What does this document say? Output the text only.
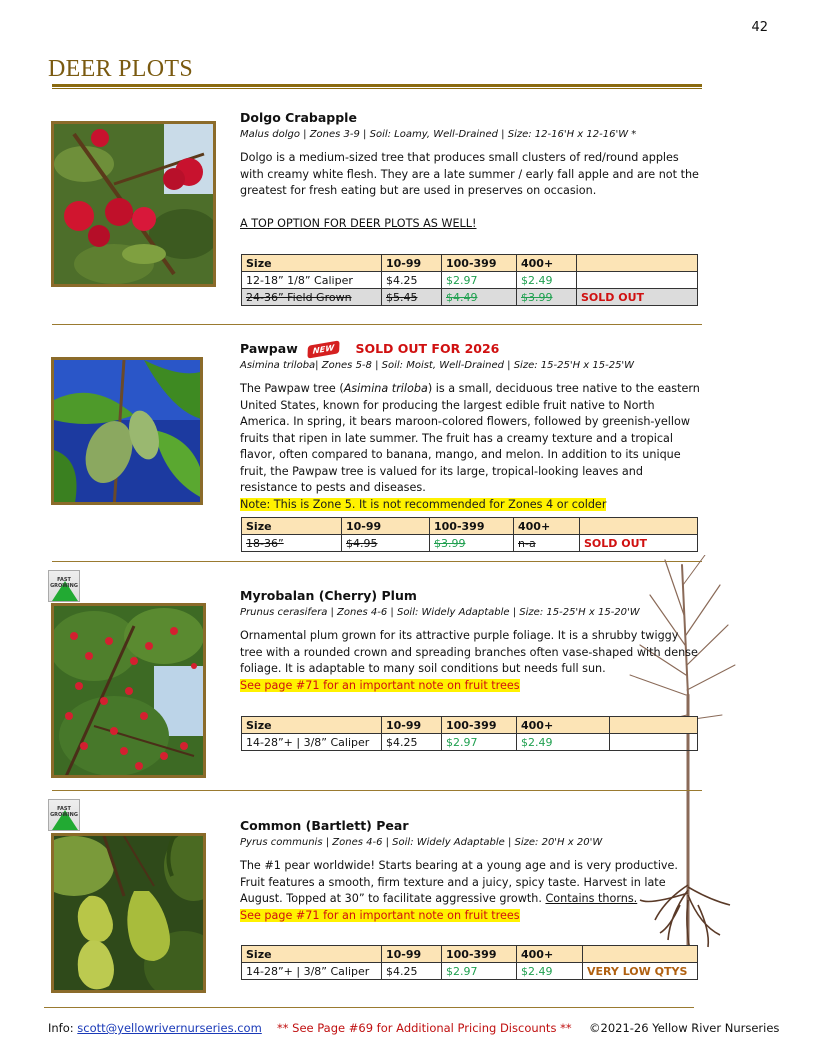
42
DEER PLOTS
Dolgo Crabapple
Malus dolgo | Zones 3-9 | Soil: Loamy, Well-Drained | Size: 12-16'H x 12-16'W *
Dolgo is a medium-sized tree that produces small clusters of red/round apples with creamy white flesh. They are a late summer / early fall apple and are not the greatest for fresh eating but are used in preserves on occasion.
A TOP OPTION FOR DEER PLOTS AS WELL!
Size	10-99	100-399	400+	
12-18” 1/8” Caliper	$4.25	$2.97	$2.49	
24-36” Field Grown	$5.45	$4.49	$3.99	SOLD OUT
Pawpaw NEW SOLD OUT FOR 2026
Asimina triloba| Zones 5-8 | Soil: Moist, Well-Drained | Size: 15-25'H x 15-25'W
The Pawpaw tree (Asimina triloba) is a small, deciduous tree native to the eastern United States, known for producing the largest edible fruit native to North America. In spring, it bears maroon-colored flowers, followed by greenish-yellow fruits that ripen in late summer. The fruit has a creamy texture and a tropical flavor, often compared to banana, mango, and melon. In addition to its unique fruit, the Pawpaw tree is valued for its large, tropical-looking leaves and resistance to pests and diseases.
Note: This is Zone 5. It is not recommended for Zones 4 or colder
Size	10-99	100-399	400+	
18-36”	$4.95	$3.99	n-a	SOLD OUT
FAST GROWING
Myrobalan (Cherry) Plum
Prunus cerasifera | Zones 4-6 | Soil: Widely Adaptable | Size: 15-25'H x 15-20'W
Ornamental plum grown for its attractive purple foliage. It is a shrubby twiggy tree with a rounded crown and spreading branches often vase-shaped with dense foliage. It is adaptable to many soil conditions but needs full sun.
See page #71 for an important note on fruit trees
Size	10-99	100-399	400+	
14-28”+ | 3/8” Caliper	$4.25	$2.97	$2.49	
FAST GROWING
Common (Bartlett) Pear
Pyrus communis | Zones 4-6 | Soil: Widely Adaptable | Size: 20'H x 20'W
The #1 pear worldwide! Starts bearing at a young age and is very productive. Fruit features a smooth, firm texture and a juicy, spicy taste. Harvest in late August. Topped at 30” to facilitate aggressive growth. Contains thorns.
See page #71 for an important note on fruit trees
Size	10-99	100-399	400+	
14-28”+ | 3/8” Caliper	$4.25	$2.97	$2.49	VERY LOW QTYS
Info: scott@yellowrivernurseries.com ** See Page #69 for Additional Pricing Discounts ** ©2021-26 Yellow River Nurseries
